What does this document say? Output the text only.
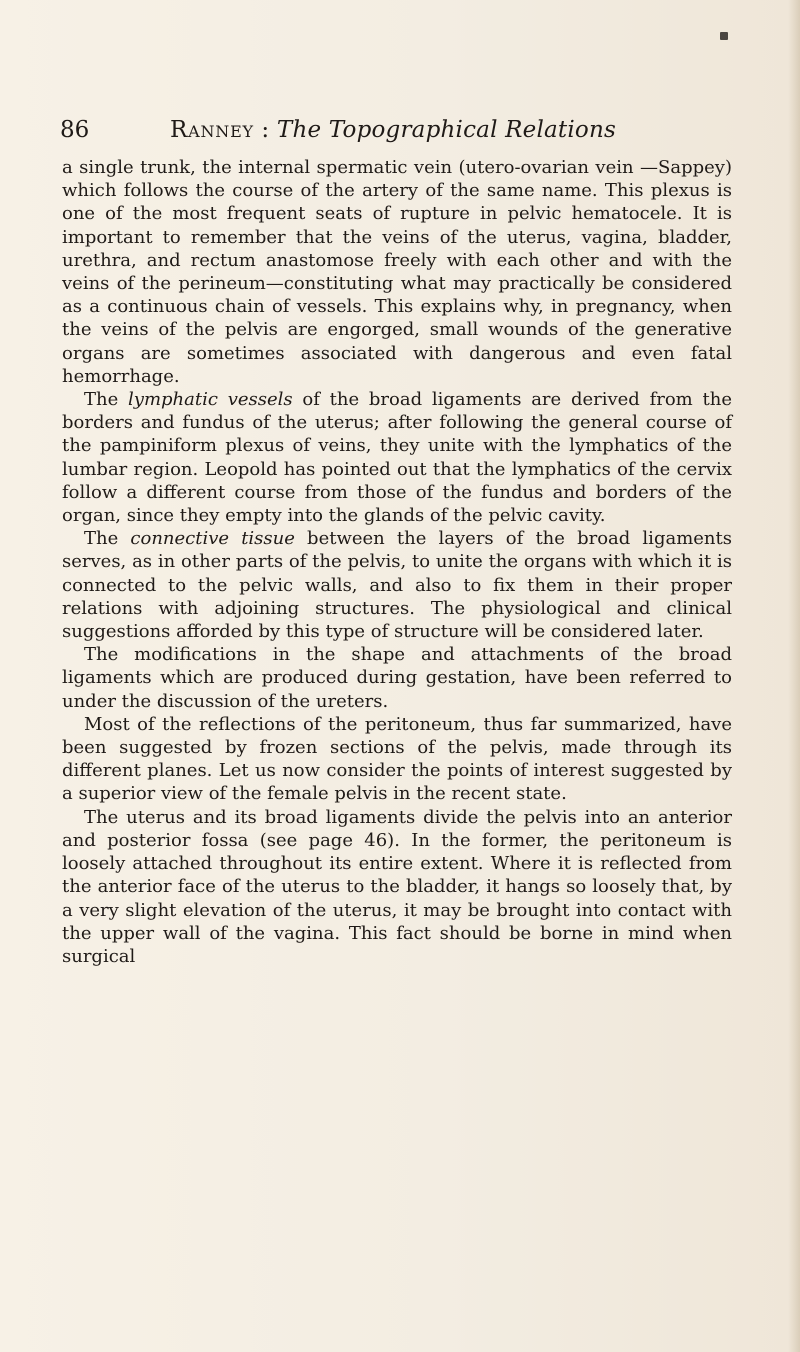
86	Ranney : The Topographical Relations

a single trunk, the internal spermatic vein (utero-ovarian vein —Sappey) which follows the course of the artery of the same name. This plexus is one of the most frequent seats of rupture in pelvic hematocele. It is important to remember that the veins of the uterus, vagina, bladder, urethra, and rectum anastomose freely with each other and with the veins of the perineum—constituting what may practically be considered as a continuous chain of vessels. This explains why, in pregnancy, when the veins of the pelvis are engorged, small wounds of the generative organs are sometimes associated with dangerous and even fatal hemorrhage.

The lymphatic vessels of the broad ligaments are derived from the borders and fundus of the uterus; after following the general course of the pampiniform plexus of veins, they unite with the lymphatics of the lumbar region. Leopold has pointed out that the lymphatics of the cervix follow a different course from those of the fundus and borders of the organ, since they empty into the glands of the pelvic cavity.

The connective tissue between the layers of the broad ligaments serves, as in other parts of the pelvis, to unite the organs with which it is connected to the pelvic walls, and also to fix them in their proper relations with adjoining structures. The physiological and clinical suggestions afforded by this type of structure will be considered later.

The modifications in the shape and attachments of the broad ligaments which are produced during gestation, have been referred to under the discussion of the ureters.

Most of the reflections of the peritoneum, thus far summarized, have been suggested by frozen sections of the pelvis, made through its different planes. Let us now consider the points of interest suggested by a superior view of the female pelvis in the recent state.

The uterus and its broad ligaments divide the pelvis into an anterior and posterior fossa (see page 46). In the former, the peritoneum is loosely attached throughout its entire extent. Where it is reflected from the anterior face of the uterus to the bladder, it hangs so loosely that, by a very slight elevation of the uterus, it may be brought into contact with the upper wall of the vagina. This fact should be borne in mind when surgical
